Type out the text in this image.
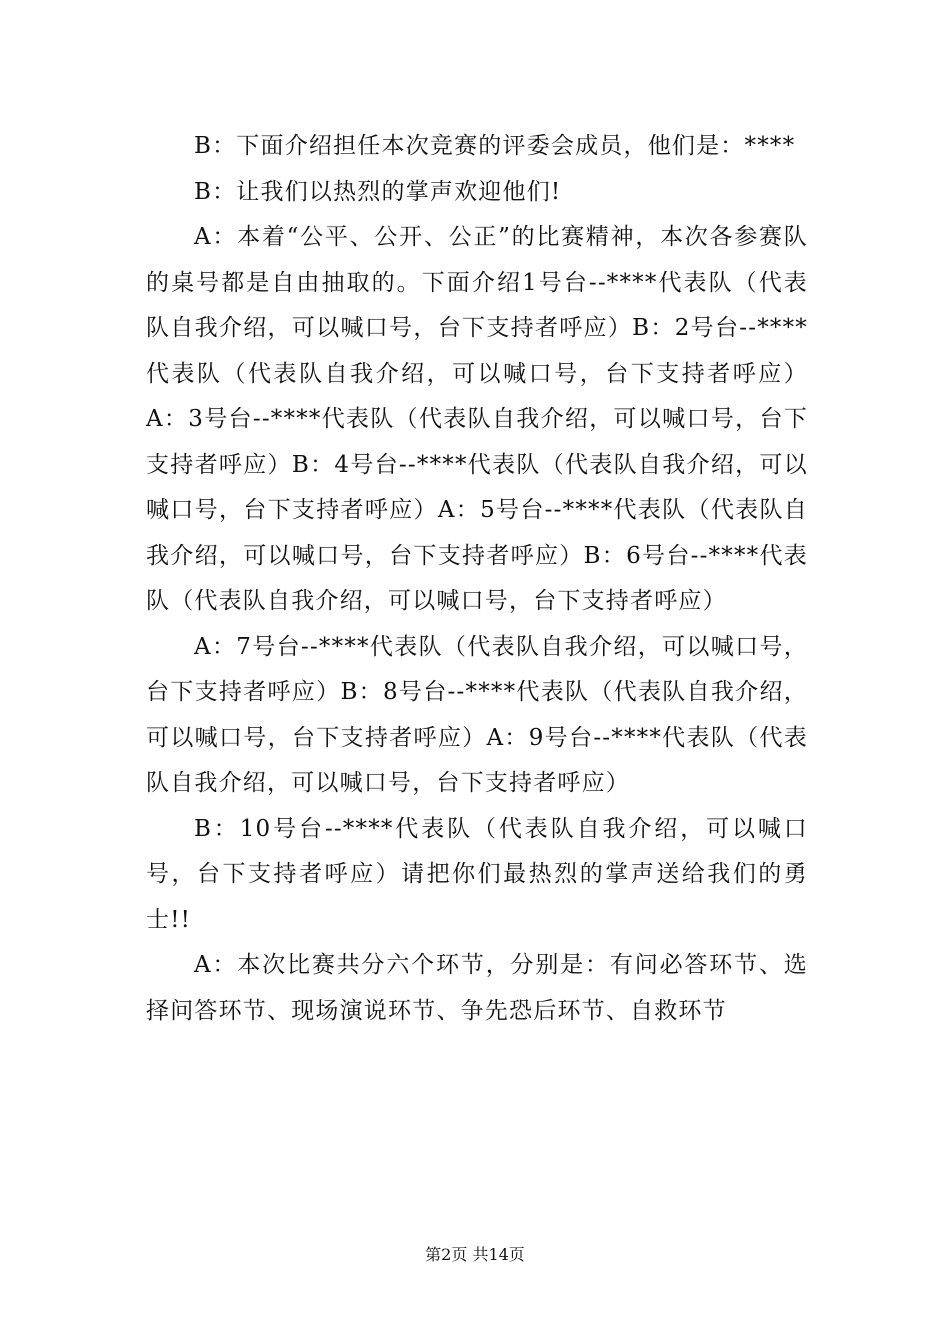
B：下面介绍担任本次竞赛的评委会成员，他们是：****

B：让我们以热烈的掌声欢迎他们!

A：本着“公平、公开、公正”的比赛精神，本次各参赛队的桌号都是自由抽取的。下面介绍1号台--****代表队（代表队自我介绍，可以喊口号，台下支持者呼应）B：2号台--****代表队（代表队自我介绍，可以喊口号，台下支持者呼应）A：3号台--****代表队（代表队自我介绍，可以喊口号，台下支持者呼应）B：4号台--****代表队（代表队自我介绍，可以喊口号，台下支持者呼应）A：5号台--****代表队（代表队自我介绍，可以喊口号，台下支持者呼应）B：6号台--****代表队（代表队自我介绍，可以喊口号，台下支持者呼应）

A：7号台--****代表队（代表队自我介绍，可以喊口号，台下支持者呼应）B：8号台--****代表队（代表队自我介绍，可以喊口号，台下支持者呼应）A：9号台--****代表队（代表队自我介绍，可以喊口号，台下支持者呼应）

B：10号台--****代表队（代表队自我介绍，可以喊口号，台下支持者呼应）请把你们最热烈的掌声送给我们的勇士!!

A：本次比赛共分六个环节，分别是：有问必答环节、选择问答环节、现场演说环节、争先恐后环节、自救环节

第2页 共14页
